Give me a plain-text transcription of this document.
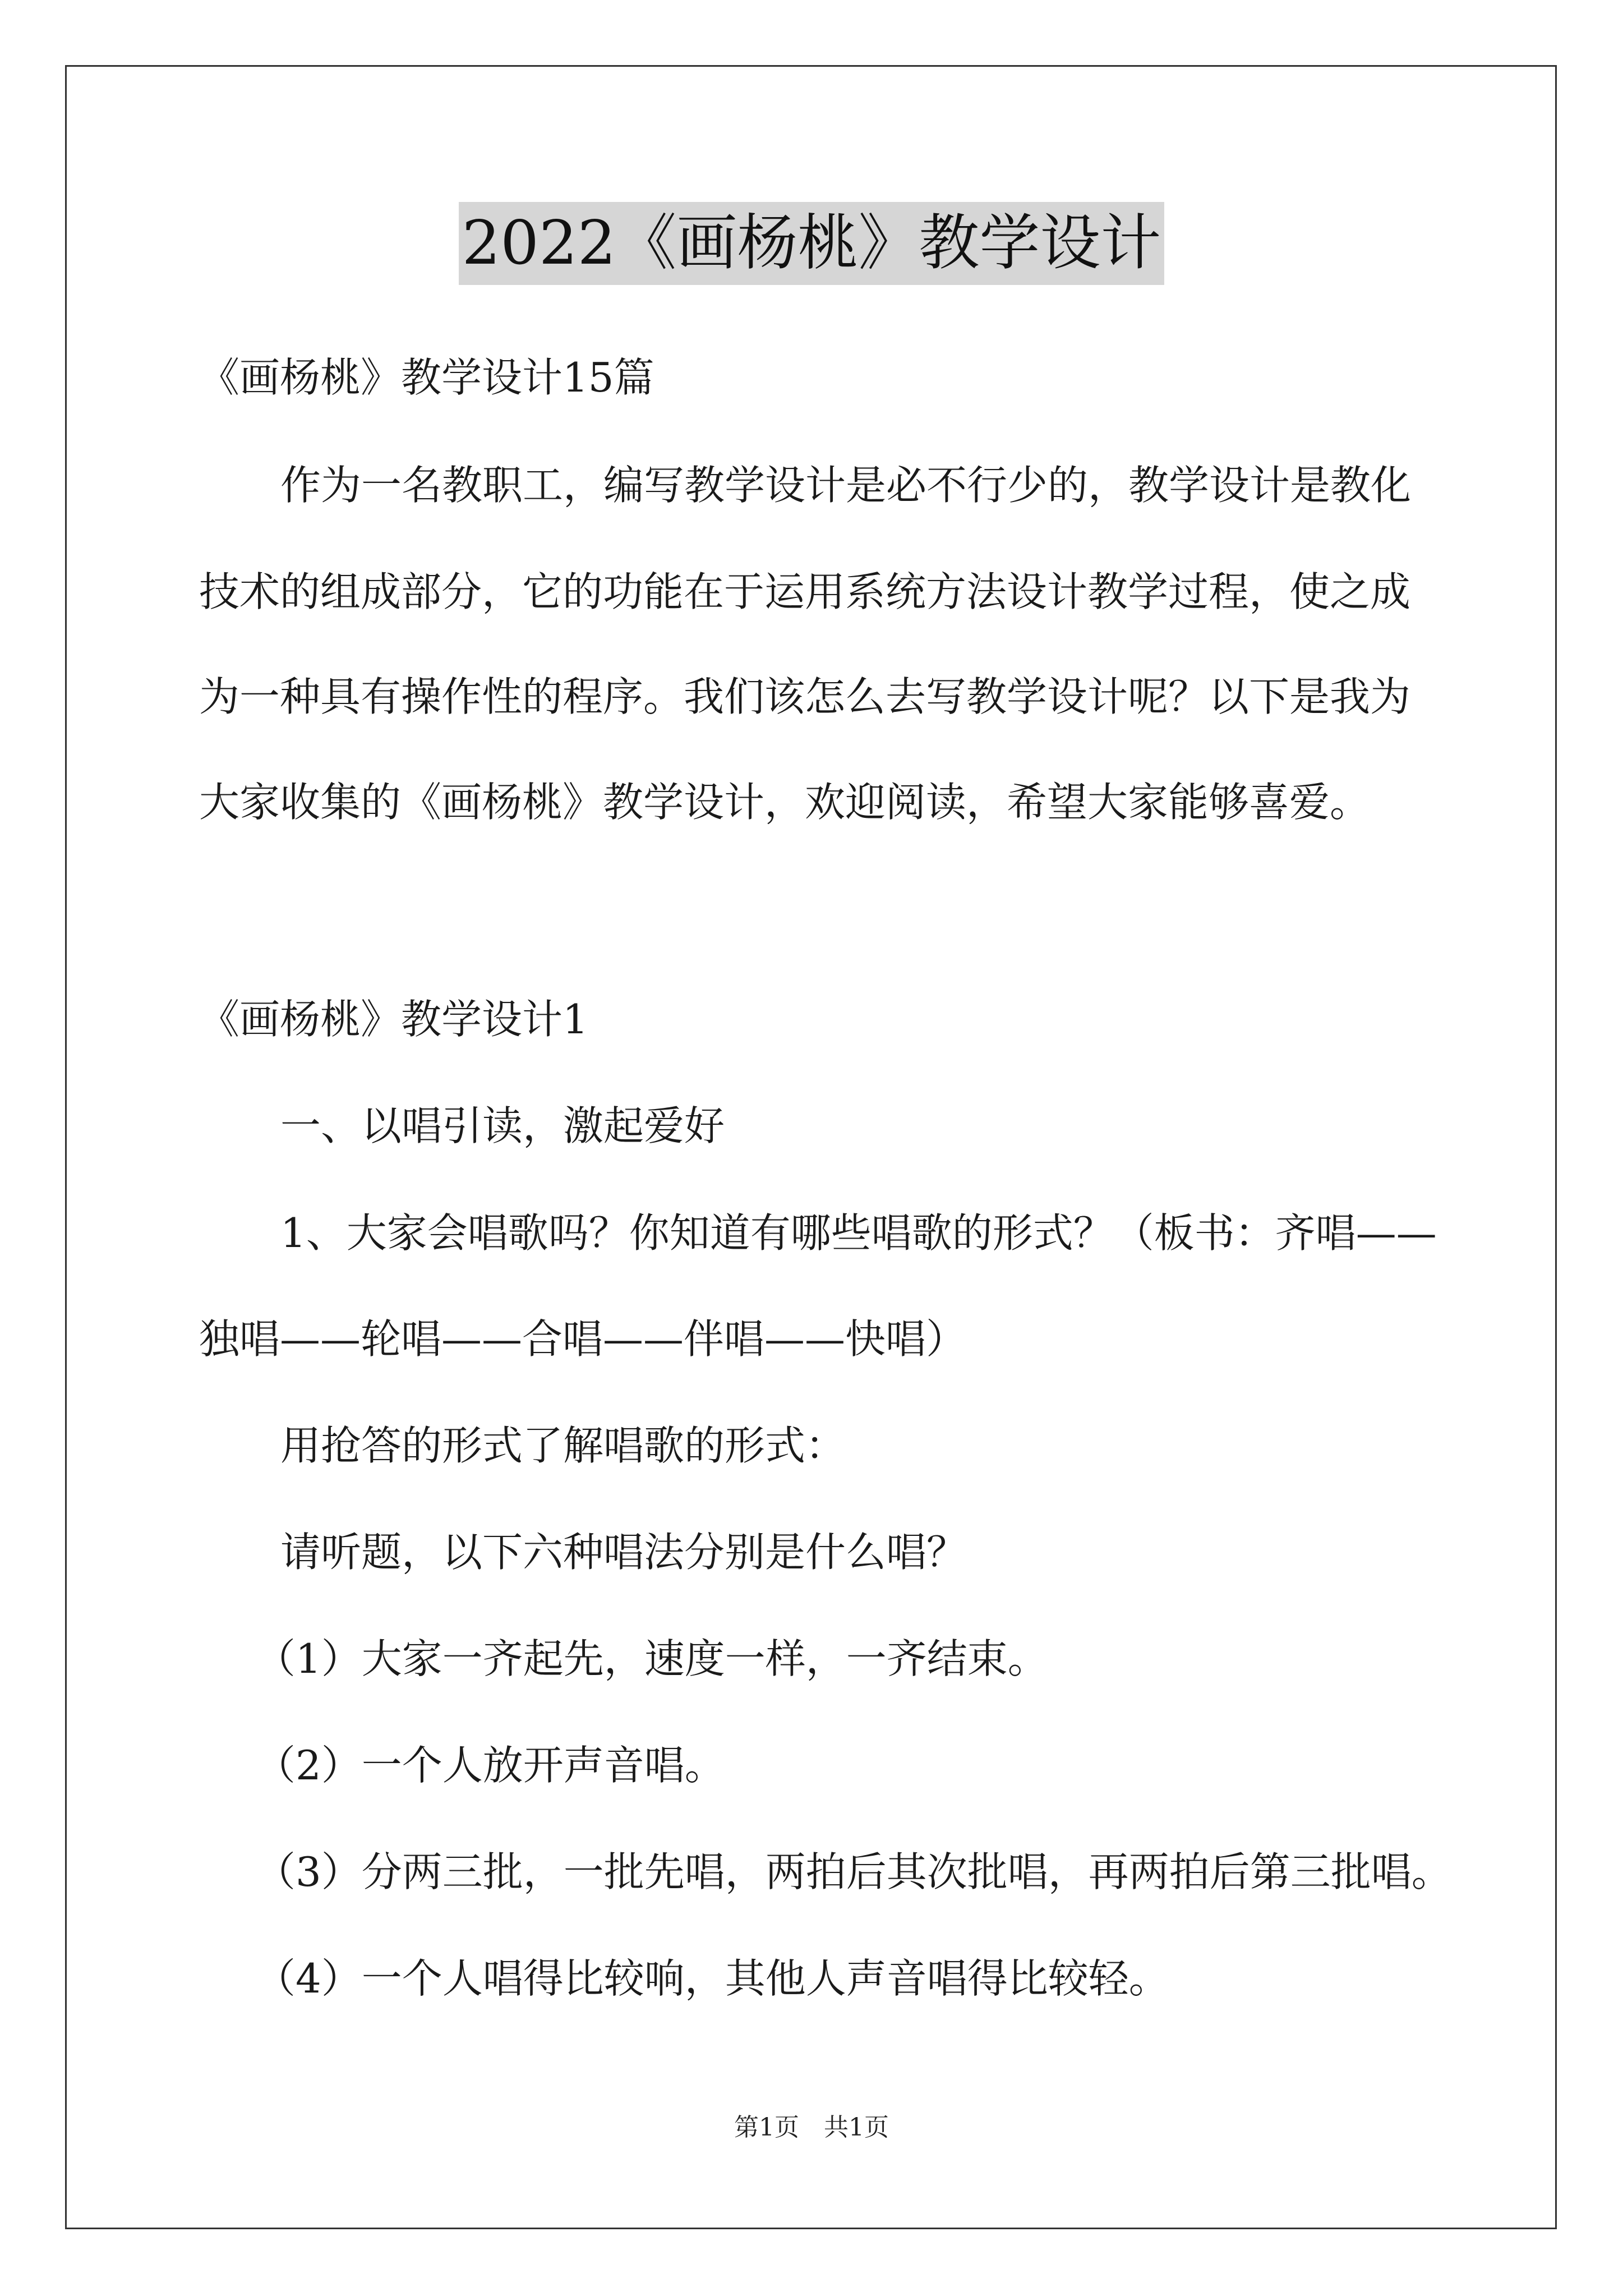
2022《画杨桃》教学设计
《画杨桃》教学设计15篇
作为一名教职工，编写教学设计是必不行少的，教学设计是教化
技术的组成部分，它的功能在于运用系统方法设计教学过程，使之成
为一种具有操作性的程序。我们该怎么去写教学设计呢？以下是我为
大家收集的《画杨桃》教学设计，欢迎阅读，希望大家能够喜爱。
《画杨桃》教学设计1
一、以唱引读，激起爱好
1、大家会唱歌吗？你知道有哪些唱歌的形式？（板书：齐唱——
独唱——轮唱——合唱——伴唱——快唱）
用抢答的形式了解唱歌的形式：
请听题，以下六种唱法分别是什么唱？
（1）大家一齐起先，速度一样，一齐结束。
（2）一个人放开声音唱。
（3）分两三批，一批先唱，两拍后其次批唱，再两拍后第三批唱。
（4）一个人唱得比较响，其他人声音唱得比较轻。
第1页　共1页
